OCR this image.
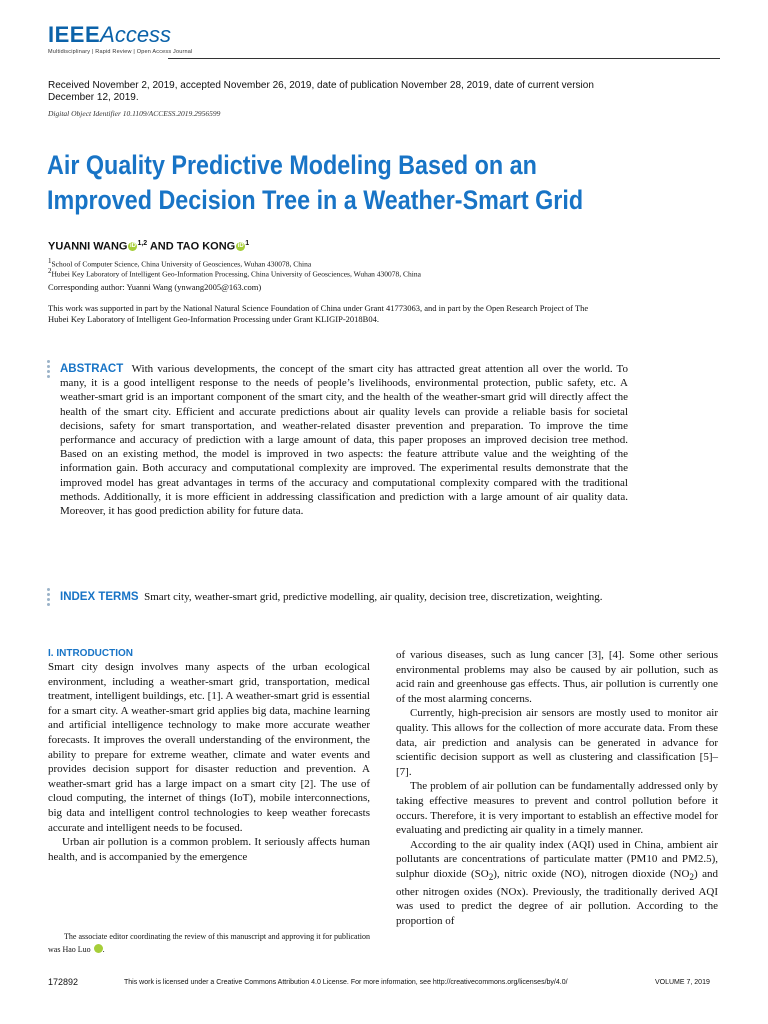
IEEEAccess
Multidisciplinary | Rapid Review | Open Access Journal
Received November 2, 2019, accepted November 26, 2019, date of publication November 28, 2019, date of current version December 12, 2019.
Digital Object Identifier 10.1109/ACCESS.2019.2956599
Air Quality Predictive Modeling Based on an Improved Decision Tree in a Weather-Smart Grid
YUANNI WANG iD $^{1,2}$ AND TAO KONG iD $^1$
$^1$School of Computer Science, China University of Geosciences, Wuhan 430078, China
$^2$Hubei Key Laboratory of Intelligent Geo-Information Processing, China University of Geosciences, Wuhan 430078, China
Corresponding author: Yuanni Wang (ynwang2005@163.com)
This work was supported in part by the National Natural Science Foundation of China under Grant 41773063, and in part by the Open Research Project of The Hubei Key Laboratory of Intelligent Geo-Information Processing under Grant KLIGIP-2018B04.

ABSTRACT With various developments, the concept of the smart city has attracted great attention all over the world. To many, it is a good intelligent response to the needs of people’s livelihoods, environmental protection, public safety, etc. A weather-smart grid is an important component of the smart city, and the health of the weather-smart grid will directly affect the health of the smart city. Efficient and accurate predictions about air quality levels can provide a reliable basis for societal decisions, safety for smart transportation, and weather-related disaster prevention and preparation. To improve the time performance and accuracy of prediction with a large amount of data, this paper proposes an improved decision tree method. Based on an existing method, the model is improved in two aspects: the feature attribute value and the weighting of the information gain. Both accuracy and computational complexity are improved. The experimental results demonstrate that the improved model has great advantages in terms of the accuracy and computational complexity compared with the traditional methods. Additionally, it is more efficient in addressing classification and prediction with a large amount of air quality data. Moreover, it has good prediction ability for future data.

INDEX TERMS Smart city, weather-smart grid, predictive modelling, air quality, decision tree, discretization, weighting.

I. INTRODUCTION

Smart city design involves many aspects of the urban ecological environment, including a weather-smart grid, transportation, medical treatment, intelligent buildings, etc. [1]. A weather-smart grid is essential for a smart city. A weather-smart grid applies big data, machine learning and artificial intelligence technology to make more accurate weather forecasts. It improves the overall understanding of the environment, the ability to prepare for extreme weather, climate and water events and provides decision support for disaster reduction and prevention. A weather-smart grid has a large impact on a smart city [2]. The use of cloud computing, the internet of things (IoT), mobile interconnections, big data and intelligent control technologies to keep weather forecasts accurate and intelligent needs to be focused.

Urban air pollution is a common problem. It seriously affects human health, and is accompanied by the emergence

The associate editor coordinating the review of this manuscript and approving it for publication was Hao Luo	iD.

of various diseases, such as lung cancer [3], [4]. Some other serious environmental problems may also be caused by air pollution, such as acid rain and greenhouse gas effects. Thus, air pollution is currently one of the most alarming concerns.

Currently, high-precision air sensors are mostly used to monitor air quality. This allows for the collection of more accurate data. From these data, air prediction and analysis can be generated in advance for scientific decision support as well as clustering and classification [5]–[7].

The problem of air pollution can be fundamentally addressed only by taking effective measures to prevent and control pollution before it occurs. Therefore, it is very important to establish an effective model for evaluating and predicting air quality in a timely manner.

According to the air quality index (AQI) used in China, ambient air pollutants are concentrations of particulate matter (PM10 and PM2.5), sulphur dioxide $(SO_2)$, nitric oxide (NO), nitrogen dioxide $(NO_2)$ and other nitrogen oxides (NOx). Previously, the traditionally derived AQI was used to predict the degree of air pollution. According to the proportion of

172892	This work is licensed under a Creative Commons Attribution 4.0 License. For more information, see http://creativecommons.org/licenses/by/4.0/	VOLUME 7, 2019
